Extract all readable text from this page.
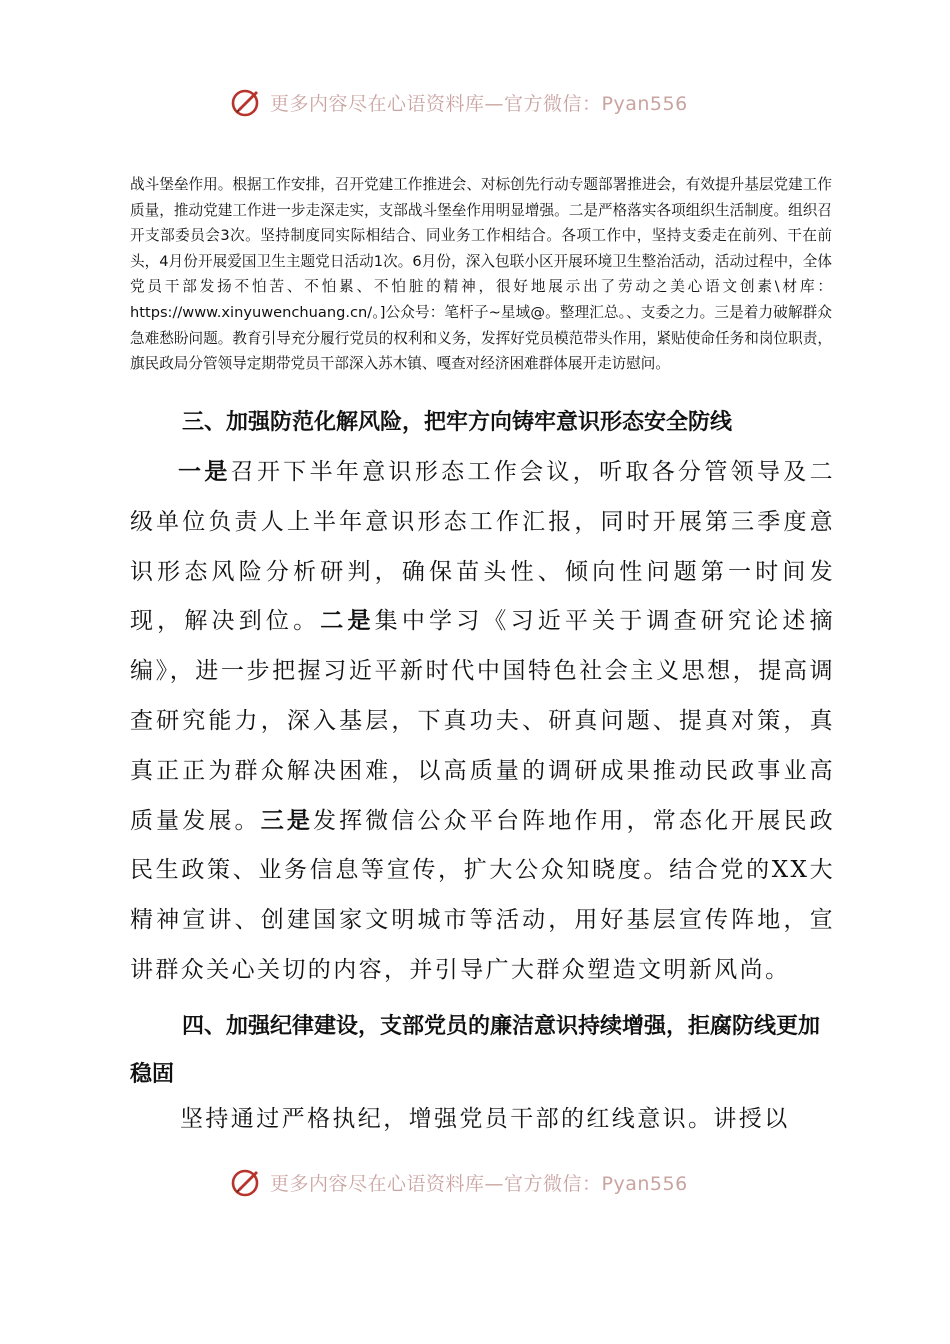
更多内容尽在心语资料库—官方微信：Pyan556

战斗堡垒作用。根据工作安排，召开党建工作推进会、对标创先行动专题部署推进会，有效提升基层党建工作质量，推动党建工作进一步走深走实，支部战斗堡垒作用明显增强。二是严格落实各项组织生活制度。组织召开支部委员会3次。坚持制度同实际相结合、同业务工作相结合。各项工作中，坚持支委走在前列、干在前头，4月份开展爱国卫生主题党日活动1次。6月份，深入包联小区开展环境卫生整治活动，活动过程中，全体党员干部发扬不怕苦、不怕累、不怕脏的精神，很好地展示出了劳动之美心语文创素\材库：https://www.xinyuwenchuang.cn/。]公众号：笔杆子~星域@。整理汇总。、支委之力。三是着力破解群众急难愁盼问题。教育引导充分履行党员的权利和义务，发挥好党员模范带头作用，紧贴使命任务和岗位职责，旗民政局分管领导定期带党员干部深入苏木镇、嘎查对经济困难群体展开走访慰问。

三、加强防范化解风险，把牢方向铸牢意识形态安全防线

一是召开下半年意识形态工作会议，听取各分管领导及二级单位负责人上半年意识形态工作汇报，同时开展第三季度意识形态风险分析研判，确保苗头性、倾向性问题第一时间发现，解决到位。二是集中学习《习近平关于调查研究论述摘编》，进一步把握习近平新时代中国特色社会主义思想，提高调查研究能力，深入基层，下真功夫、研真问题、提真对策，真真正正为群众解决困难，以高质量的调研成果推动民政事业高质量发展。三是发挥微信公众平台阵地作用，常态化开展民政民生政策、业务信息等宣传，扩大公众知晓度。结合党的XX大精神宣讲、创建国家文明城市等活动，用好基层宣传阵地，宣讲群众关心关切的内容，并引导广大群众塑造文明新风尚。

四、加强纪律建设，支部党员的廉洁意识持续增强，拒腐防线更加稳固

坚持通过严格执纪，增强党员干部的红线意识。讲授以

更多内容尽在心语资料库—官方微信：Pyan556
